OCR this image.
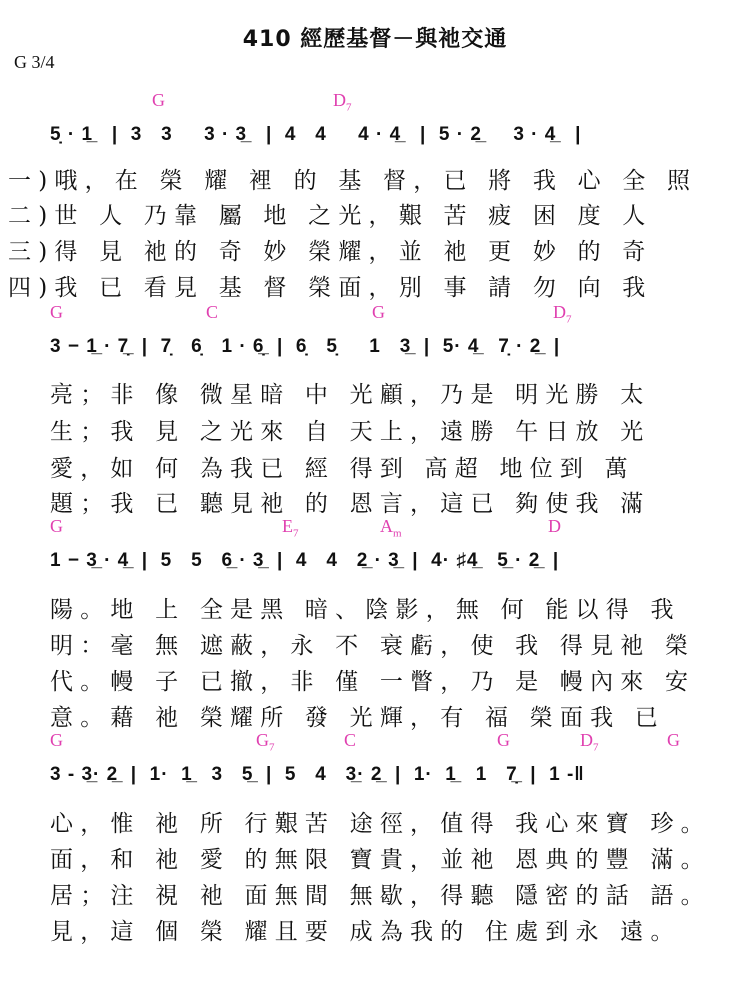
410 經歷基督－與祂交通
G 3/4
G	$D_7$
5̣ · 1̲   |  3   3     3 · 3̲   |  4   4     4 · 4̲   |  5 · 2̲     3 · 4̲   |
一)哦，在 榮 耀 裡 的 基 督，已 將 我 心 全 照
二)世 人 乃靠 屬 地 之光，艱 苦 疲 困 度 人
三)得 見 祂的 奇 妙 榮耀，並 祂 更 妙 的 奇
四)我 已 看見 基 督 榮面，別 事 請 勿 向 我
G	C	G	$D_7$
3 − 1̲ · 7̣̲  |  7̣   6̣   1 · 6̣̲  |  6̣   5̣     1   3̲  |  5· 4̲   7̣ · 2̲  |
亮；非 像 微星暗 中 光顧，乃是 明光勝 太
生；我 見 之光來 自 天上，遠勝 午日放 光
愛，如 何 為我已 經 得到 高超 地位到 萬
題；我 已 聽見祂 的 恩言，這已 夠使我 滿
G	$E_7$	$A_m$	D
1 − 3̲ · 4̲  |  5   5   6̲ · 3̲  |  4   4   2̲ · 3̲  |  4· ♯4̲   5̲ · 2̲  |
陽。地 上 全是黑 暗、陰影，無 何 能以得 我
明：毫 無 遮蔽，永 不 衰虧，使 我 得見祂 榮
代。幔 子 已撤，非 僅 一瞥，乃 是 幔內來 安
意。藉 祂 榮耀所 發 光輝，有 福 榮面我 已
G	$G_7$	C	G	$D_7$	G
3 - 3̲· 2̲  |  1·  1̲   3   5̲  |  5   4   3̲· 2̲  |  1·  1̲   1   7̣̲  |  1 -‖
心，惟 祂 所 行艱苦 途徑，值得 我心來寶 珍。
面，和 祂 愛 的無限 寶貴，並祂 恩典的豐 滿。
居；注 視 祂 面無間 無歇，得聽 隱密的話 語。
見，這 個 榮 耀且要 成為我的 住處到永 遠。
